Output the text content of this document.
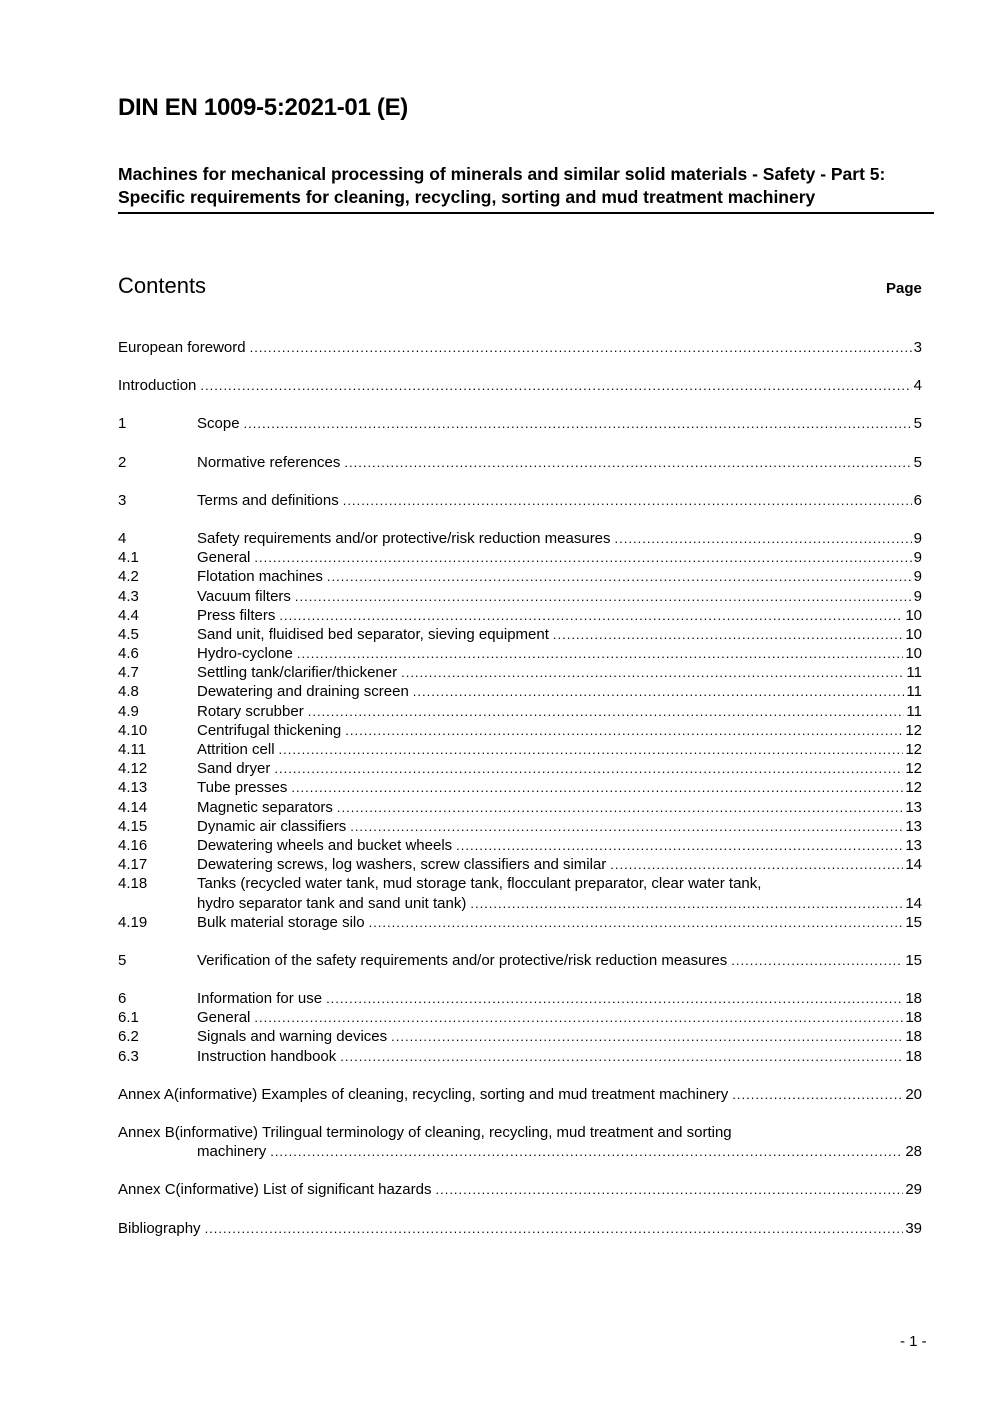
DIN EN 1009-5:2021-01 (E)
Machines for mechanical processing of minerals and similar solid materials - Safety - Part 5: Specific requirements for cleaning, recycling, sorting and mud treatment machinery
Contents	Page
European foreword .....	3
Introduction .....	4
1	Scope .....	5
2	Normative references .....	5
3	Terms and definitions .....	6
4	Safety requirements and/or protective/risk reduction measures .....	9
4.1	General .....	9
4.2	Flotation machines .....	9
4.3	Vacuum filters .....	9
4.4	Press filters .....	10
4.5	Sand unit, fluidised bed separator, sieving equipment .....	10
4.6	Hydro-cyclone .....	10
4.7	Settling tank/clarifier/thickener .....	11
4.8	Dewatering and draining screen .....	11
4.9	Rotary scrubber .....	11
4.10	Centrifugal thickening .....	12
4.11	Attrition cell .....	12
4.12	Sand dryer .....	12
4.13	Tube presses .....	12
4.14	Magnetic separators .....	13
4.15	Dynamic air classifiers .....	13
4.16	Dewatering wheels and bucket wheels .....	13
4.17	Dewatering screws, log washers, screw classifiers and similar .....	14
4.18	Tanks (recycled water tank, mud storage tank, flocculant preparator, clear water tank,
hydro separator tank and sand unit tank) .....	14
4.19	Bulk material storage silo .....	15
5	Verification of the safety requirements and/or protective/risk reduction measures .....	15
6	Information for use .....	18
6.1	General .....	18
6.2	Signals and warning devices .....	18
6.3	Instruction handbook .....	18
Annex A(informative) Examples of cleaning, recycling, sorting and mud treatment machinery .....	20
Annex B(informative) Trilingual terminology of cleaning, recycling, mud treatment and sorting
machinery .....	28
Annex C(informative) List of significant hazards .....	29
Bibliography .....	39
- 1 -
